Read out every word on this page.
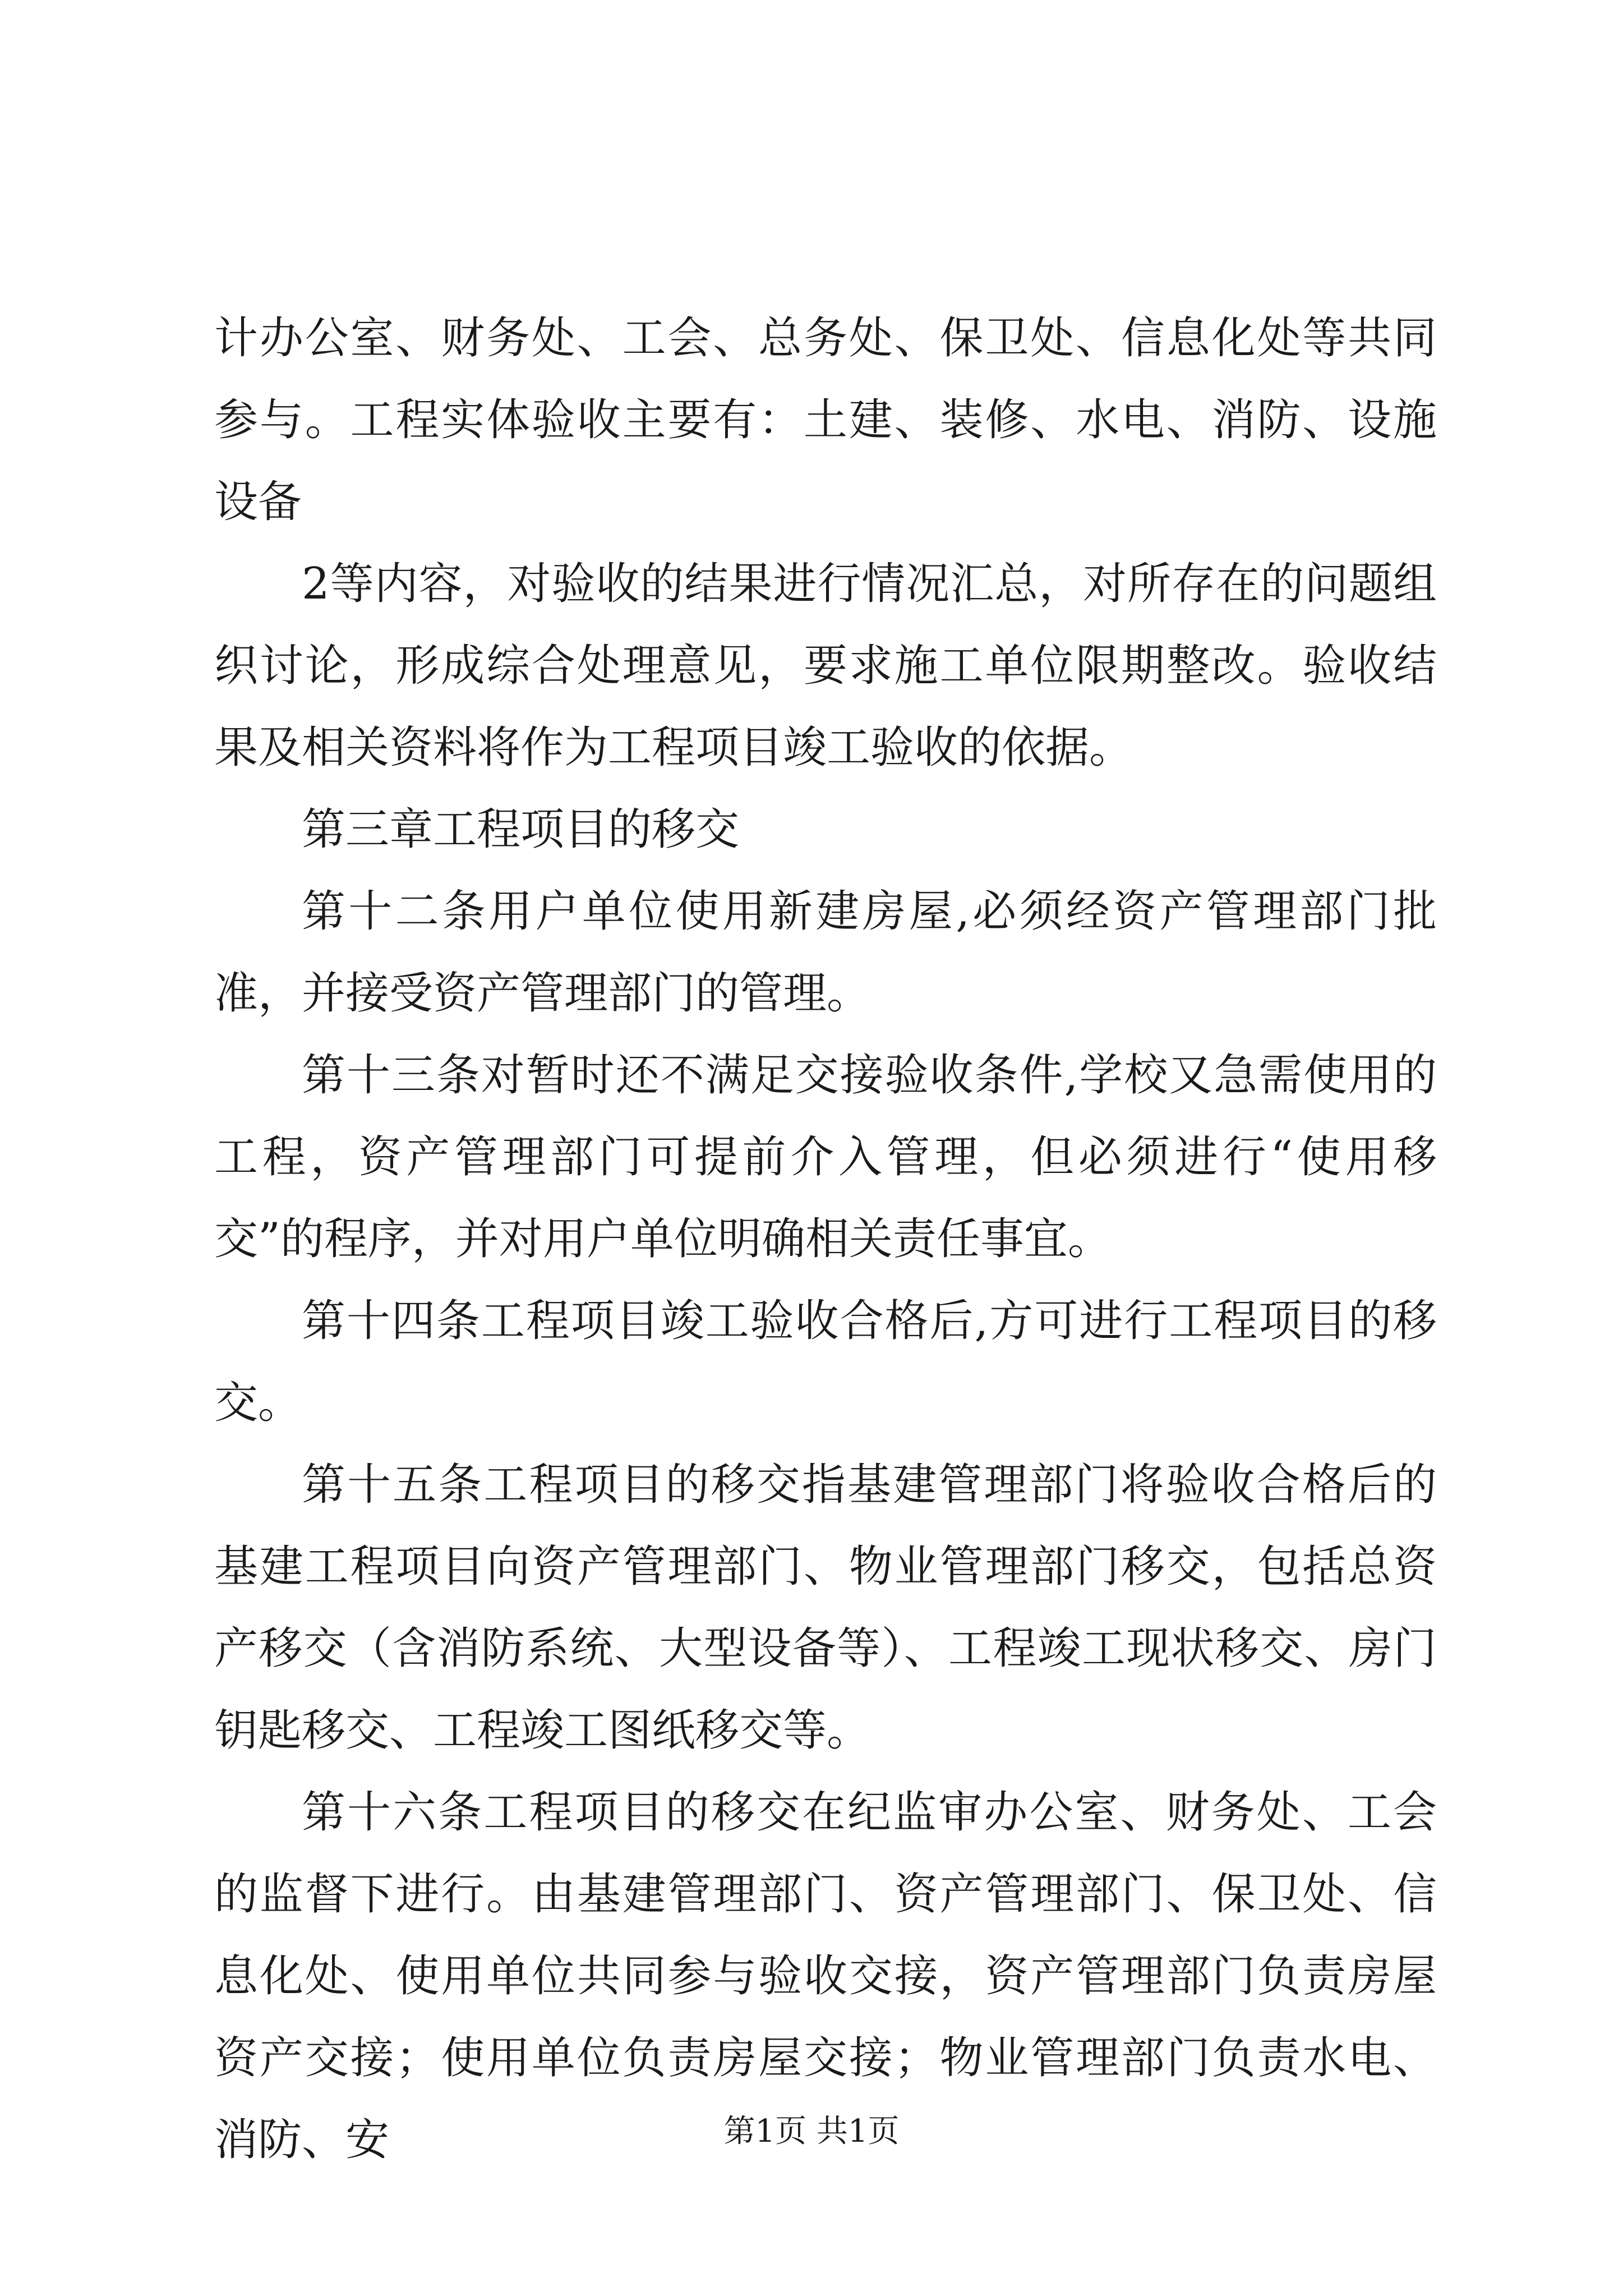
计办公室、财务处、工会、总务处、保卫处、信息化处等共同参与。工程实体验收主要有：土建、装修、水电、消防、设施设备

2等内容，对验收的结果进行情况汇总，对所存在的问题组织讨论，形成综合处理意见，要求施工单位限期整改。验收结果及相关资料将作为工程项目竣工验收的依据。

第三章工程项目的移交

第十二条用户单位使用新建房屋,必须经资产管理部门批准，并接受资产管理部门的管理。

第十三条对暂时还不满足交接验收条件,学校又急需使用的工程，资产管理部门可提前介入管理，但必须进行“使用移交”的程序，并对用户单位明确相关责任事宜。

第十四条工程项目竣工验收合格后,方可进行工程项目的移交。

第十五条工程项目的移交指基建管理部门将验收合格后的基建工程项目向资产管理部门、物业管理部门移交，包括总资产移交（含消防系统、大型设备等）、工程竣工现状移交、房门钥匙移交、工程竣工图纸移交等。

第十六条工程项目的移交在纪监审办公室、财务处、工会的监督下进行。由基建管理部门、资产管理部门、保卫处、信息化处、使用单位共同参与验收交接，资产管理部门负责房屋资产交接；使用单位负责房屋交接；物业管理部门负责水电、消防、安	第1页 共1页
